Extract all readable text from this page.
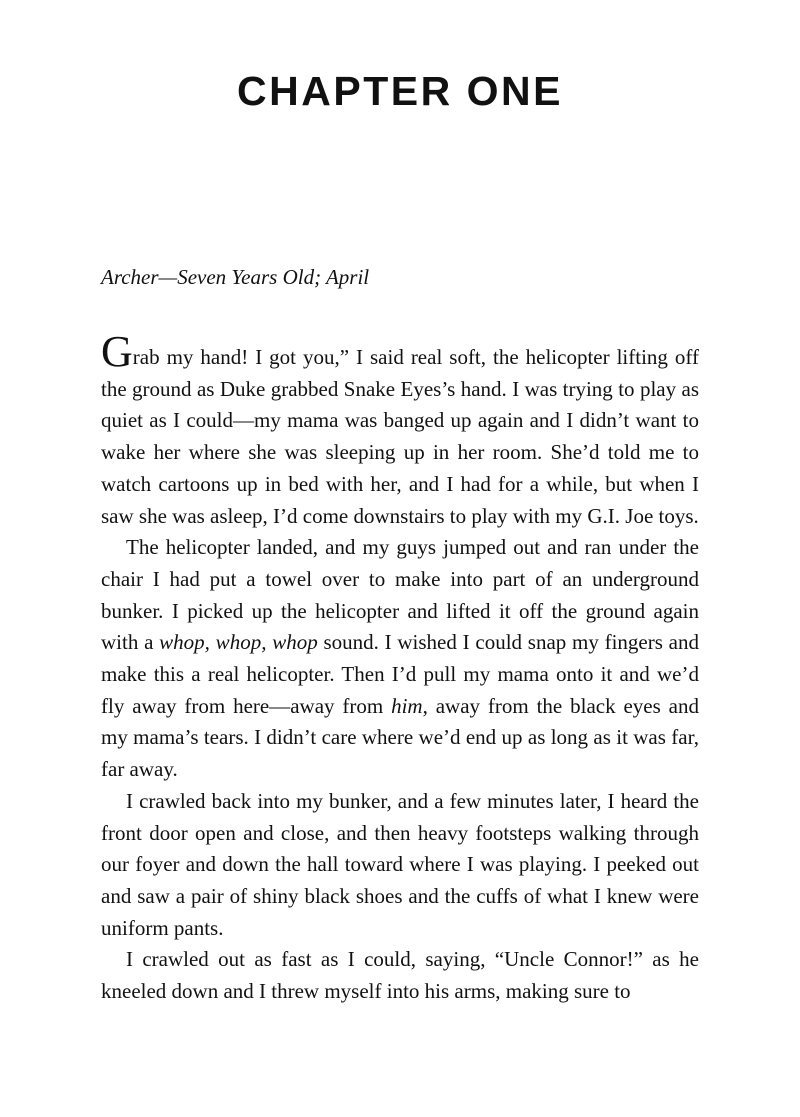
CHAPTER ONE

Archer—Seven Years Old; April

Grab my hand! I got you,” I said real soft, the helicopter lifting off the ground as Duke grabbed Snake Eyes’s hand. I was trying to play as quiet as I could—my mama was banged up again and I didn’t want to wake her where she was sleeping up in her room. She’d told me to watch cartoons up in bed with her, and I had for a while, but when I saw she was asleep, I’d come downstairs to play with my G.I. Joe toys.

The helicopter landed, and my guys jumped out and ran under the chair I had put a towel over to make into part of an underground bunker. I picked up the helicopter and lifted it off the ground again with a whop, whop, whop sound. I wished I could snap my fingers and make this a real helicopter. Then I’d pull my mama onto it and we’d fly away from here—away from him, away from the black eyes and my mama’s tears. I didn’t care where we’d end up as long as it was far, far away.

I crawled back into my bunker, and a few minutes later, I heard the front door open and close, and then heavy footsteps walking through our foyer and down the hall toward where I was playing. I peeked out and saw a pair of shiny black shoes and the cuffs of what I knew were uniform pants.

I crawled out as fast as I could, saying, “Uncle Connor!” as he kneeled down and I threw myself into his arms, making sure to
